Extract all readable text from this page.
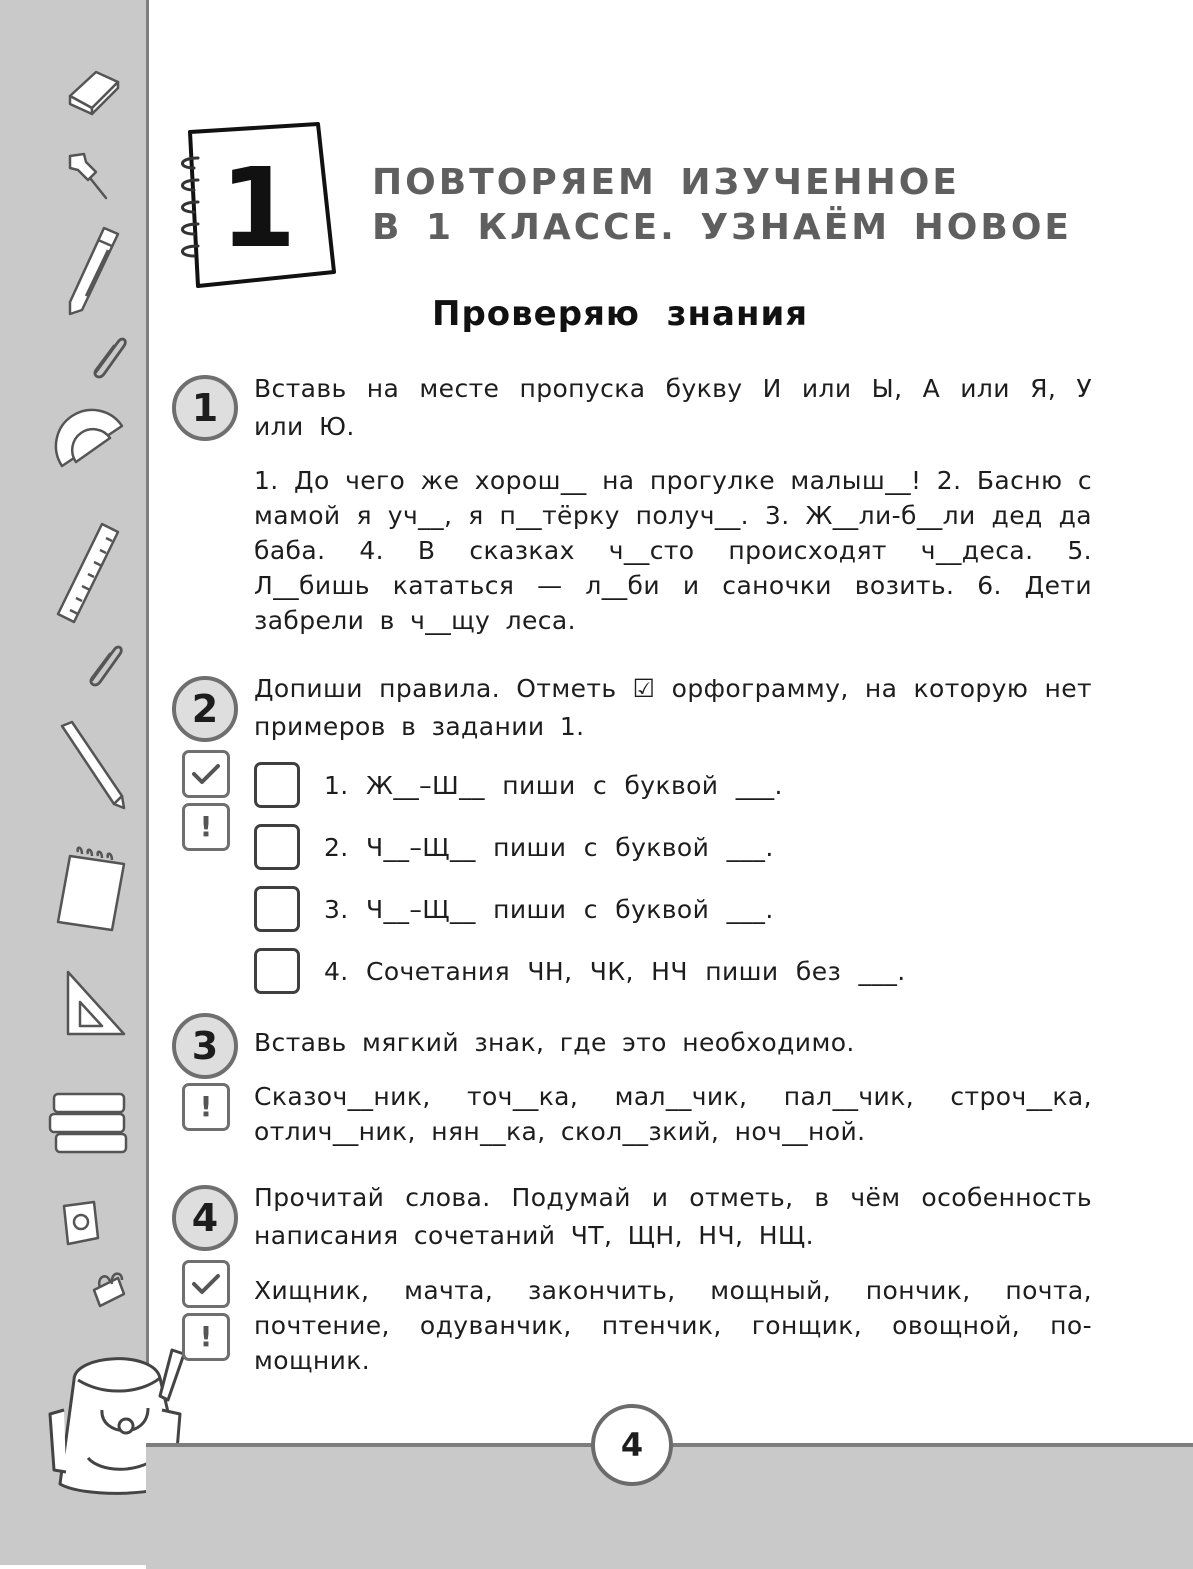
4
1 ПОВТОРЯЕМ ИЗУЧЕННОЕ
В 1 КЛАССЕ. УЗНАЁМ НОВОЕ
Проверяю знания
1	Вставь на месте пропуска букву И или Ы, А или Я, У или Ю.

1. До чего же хорош__ на прогулке малыш__! 2. Басню с мамой я уч__, я п__тёрку получ__. 3. Ж__ли-б__ли дед да баба. 4. В сказках ч__сто происходят ч__деса. 5. Л__бишь кататься — л__би и саночки возить. 6. Дети забрели в ч__щу леса.

2	Допиши правила. Отметь ☑ орфограмму, на которую нет примеров в задании 1.

!
1. Ж__–Ш__ пиши с буквой ___.
2. Ч__–Щ__ пиши с буквой ___.
3. Ч__–Щ__ пиши с буквой ___.
4. Сочетания ЧН, ЧК, НЧ пиши без ___.
3	Вставь мягкий знак, где это необходимо.

! Сказоч__ник, точ__ка, мал__чик, пал__чик, строч__ка, отлич__ник, нян__ка, скол__зкий, ноч__ной.

4	Прочитай слова. Подумай и отметь, в чём особенность написания сочетаний ЧТ, ЩН, НЧ, НЩ.

!

Хищник, мачта, закончить, мощный, пончик, почта, почтение, одуванчик, птенчик, гонщик, овощной, по-мощник.
